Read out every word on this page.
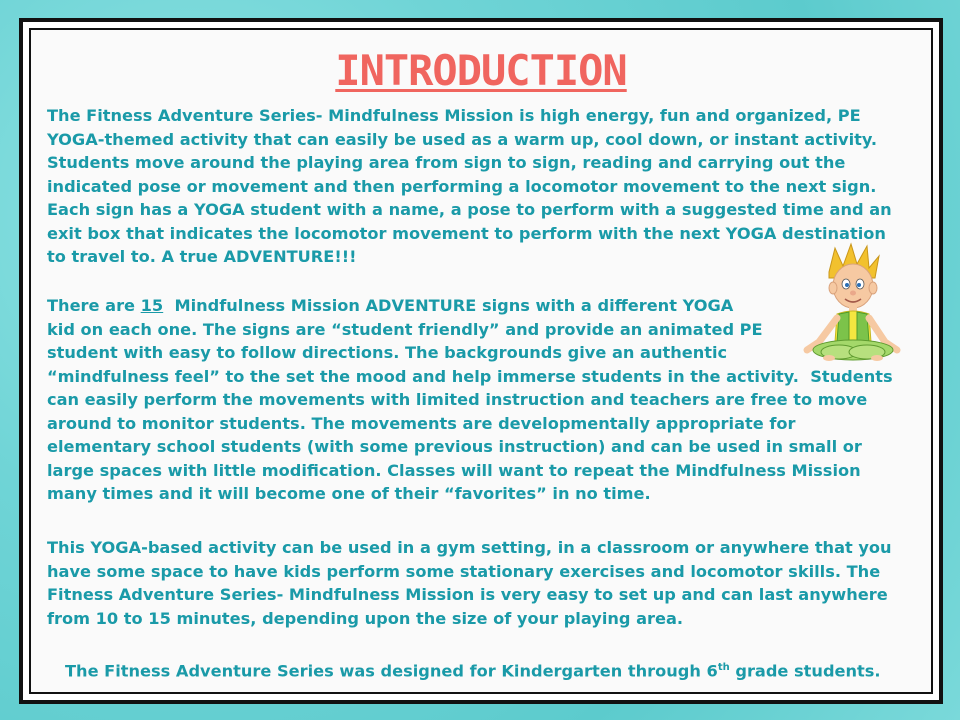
INTRODUCTION
The Fitness Adventure Series- Mindfulness Mission is high energy, fun and organized, PE
YOGA-themed activity that can easily be used as a warm up, cool down, or instant activity.
Students move around the playing area from sign to sign, reading and carrying out the
indicated pose or movement and then performing a locomotor movement to the next sign.
Each sign has a YOGA student with a name, a pose to perform with a suggested time and an
exit box that indicates the locomotor movement to perform with the next YOGA destination
to travel to. A true ADVENTURE!!!
There are 15  Mindfulness Mission ADVENTURE signs with a different YOGA
kid on each one. The signs are “student friendly” and provide an animated PE
student with easy to follow directions. The backgrounds give an authentic
“mindfulness feel” to the set the mood and help immerse students in the activity.  Students
can easily perform the movements with limited instruction and teachers are free to move
around to monitor students. The movements are developmentally appropriate for
elementary school students (with some previous instruction) and can be used in small or
large spaces with little modification. Classes will want to repeat the Mindfulness Mission
many times and it will become one of their “favorites” in no time.
This YOGA-based activity can be used in a gym setting, in a classroom or anywhere that you
have some space to have kids perform some stationary exercises and locomotor skills. The
Fitness Adventure Series- Mindfulness Mission is very easy to set up and can last anywhere
from 10 to 15 minutes, depending upon the size of your playing area.
The Fitness Adventure Series was designed for Kindergarten through 6th grade students.
